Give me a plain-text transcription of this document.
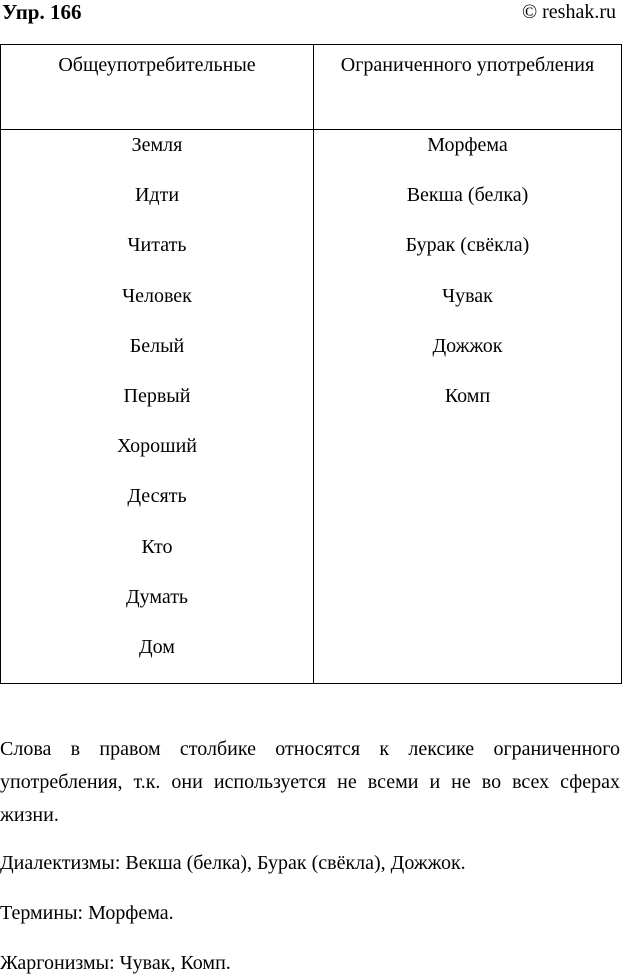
Упр. 166	© reshak.ru
Общеупотребительные	Ограниченного употребления
Земля
Идти
Читать
Человек
Белый
Первый
Хороший
Десять
Кто
Думать
Дом
Морфема
Векша (белка)
Бурак (свёкла)
Чувак
Дожжок
Комп
Слова в правом столбике относятся к лексике ограниченного употребления, т.к. они используется не всеми и не во всех сферах жизни.
Диалектизмы: Векша (белка), Бурак (свёкла), Дожжок.
Термины: Морфема.
Жаргонизмы: Чувак, Комп.
